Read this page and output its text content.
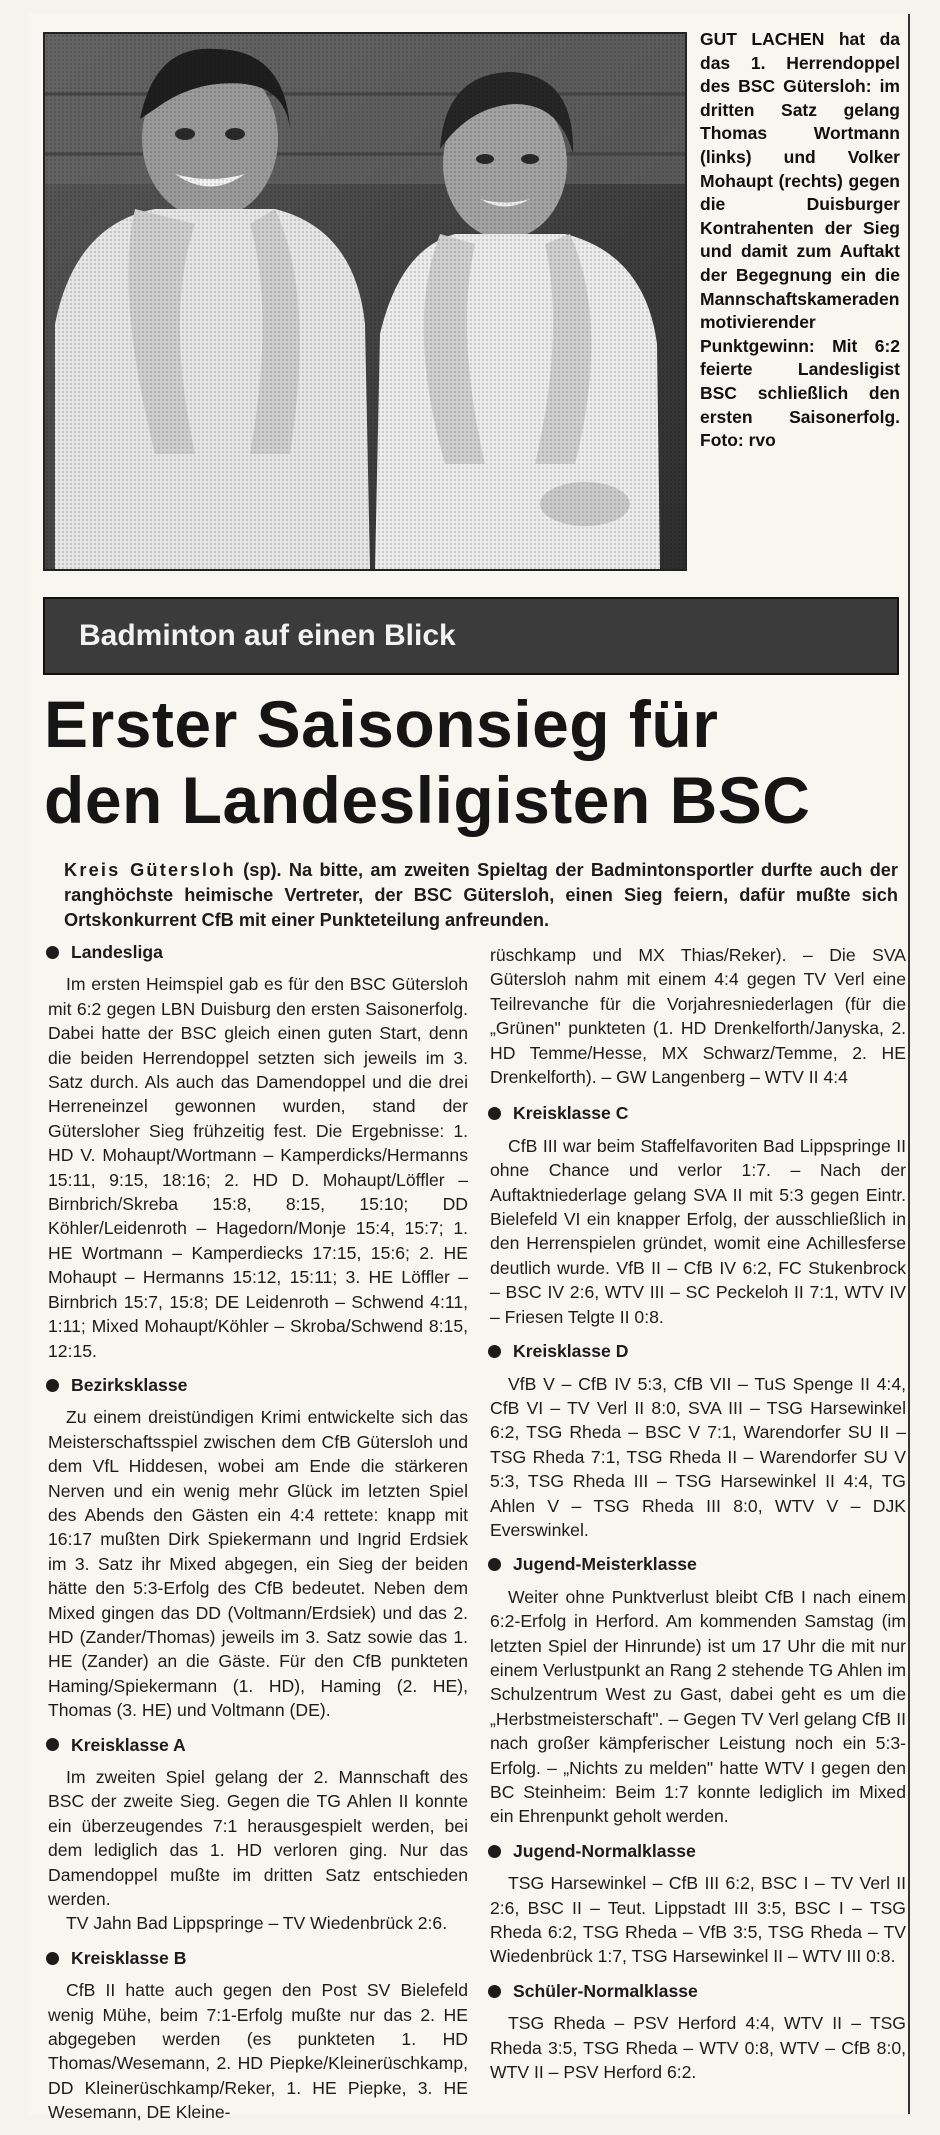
GUT LACHEN hat da das 1. Herrendoppel des BSC Gütersloh: im dritten Satz gelang Thomas Wortmann (links) und Volker Mohaupt (rechts) gegen die Duisburger Kontrahenten der Sieg und damit zum Auftakt der Begegnung ein die Mannschaftskameraden motivierender Punktgewinn: Mit 6:2 feierte Landesligist BSC schließlich den ersten Saisonerfolg. Foto: rvo
Badminton auf einen Blick
Erster Saisonsieg für
den Landesligisten BSC
Kreis Gütersloh (sp). Na bitte, am zweiten Spieltag der Badmintonsportler durfte auch der ranghöchste heimische Vertreter, der BSC Gütersloh, einen Sieg feiern, dafür mußte sich Ortskonkurrent CfB mit einer Punkteteilung anfreunden.
Landesliga

Im ersten Heimspiel gab es für den BSC Gütersloh mit 6:2 gegen LBN Duisburg den ersten Saisonerfolg. Dabei hatte der BSC gleich einen guten Start, denn die beiden Herrendoppel setzten sich jeweils im 3. Satz durch. Als auch das Damendoppel und die drei Herreneinzel gewonnen wurden, stand der Gütersloher Sieg frühzeitig fest. Die Ergebnisse: 1. HD V. Mohaupt/Wortmann – Kamperdicks/Hermanns 15:11, 9:15, 18:16; 2. HD D. Mohaupt/Löffler – Birnbrich/Skreba 15:8, 8:15, 15:10; DD Köhler/Leidenroth – Hagedorn/Monje 15:4, 15:7; 1. HE Wortmann – Kamperdiecks 17:15, 15:6; 2. HE Mohaupt – Hermanns 15:12, 15:11; 3. HE Löffler – Birnbrich 15:7, 15:8; DE Leidenroth – Schwend 4:11, 1:11; Mixed Mohaupt/Köhler – Skroba/Schwend 8:15, 12:15.

Bezirksklasse

Zu einem dreistündigen Krimi entwickelte sich das Meisterschaftsspiel zwischen dem CfB Gütersloh und dem VfL Hiddesen, wobei am Ende die stärkeren Nerven und ein wenig mehr Glück im letzten Spiel des Abends den Gästen ein 4:4 rettete: knapp mit 16:17 mußten Dirk Spiekermann und Ingrid Erdsiek im 3. Satz ihr Mixed abgegen, ein Sieg der beiden hätte den 5:3-Erfolg des CfB bedeutet. Neben dem Mixed gingen das DD (Voltmann/Erdsiek) und das 2. HD (Zander/Thomas) jeweils im 3. Satz sowie das 1. HE (Zander) an die Gäste. Für den CfB punkteten Haming/Spiekermann (1. HD), Haming (2. HE), Thomas (3. HE) und Voltmann (DE).

Kreisklasse A

Im zweiten Spiel gelang der 2. Mannschaft des BSC der zweite Sieg. Gegen die TG Ahlen II konnte ein überzeugendes 7:1 herausgespielt werden, bei dem lediglich das 1. HD verloren ging. Nur das Damendoppel mußte im dritten Satz entschieden werden.

TV Jahn Bad Lippspringe – TV Wiedenbrück 2:6.

Kreisklasse B

CfB II hatte auch gegen den Post SV Bielefeld wenig Mühe, beim 7:1-Erfolg mußte nur das 2. HE abgegeben werden (es punkteten 1. HD Thomas/Wesemann, 2. HD Piepke/Kleinerüschkamp, DD Kleinerüschkamp/Reker, 1. HE Piepke, 3. HE Wesemann, DE Kleine-

rüschkamp und MX Thias/Reker). – Die SVA Gütersloh nahm mit einem 4:4 gegen TV Verl eine Teilrevanche für die Vorjahresniederlagen (für die „Grünen" punkteten (1. HD Drenkelforth/Janyska, 2. HD Temme/Hesse, MX Schwarz/Temme, 2. HE Drenkelforth). – GW Langenberg – WTV II 4:4

Kreisklasse C

CfB III war beim Staffelfavoriten Bad Lippspringe II ohne Chance und verlor 1:7. – Nach der Auftaktniederlage gelang SVA II mit 5:3 gegen Eintr. Bielefeld VI ein knapper Erfolg, der ausschließlich in den Herrenspielen gründet, womit eine Achillesferse deutlich wurde. VfB II – CfB IV 6:2, FC Stukenbrock – BSC IV 2:6, WTV III – SC Peckeloh II 7:1, WTV IV – Friesen Telgte II 0:8.

Kreisklasse D

VfB V – CfB IV 5:3, CfB VII – TuS Spenge II 4:4, CfB VI – TV Verl II 8:0, SVA III – TSG Harsewinkel 6:2, TSG Rheda – BSC V 7:1, Warendorfer SU II – TSG Rheda 7:1, TSG Rheda II – Warendorfer SU V 5:3, TSG Rheda III – TSG Harsewinkel II 4:4, TG Ahlen V – TSG Rheda III 8:0, WTV V – DJK Everswinkel.

Jugend-Meisterklasse

Weiter ohne Punktverlust bleibt CfB I nach einem 6:2-Erfolg in Herford. Am kommenden Samstag (im letzten Spiel der Hinrunde) ist um 17 Uhr die mit nur einem Verlustpunkt an Rang 2 stehende TG Ahlen im Schulzentrum West zu Gast, dabei geht es um die „Herbstmeisterschaft". – Gegen TV Verl gelang CfB II nach großer kämpferischer Leistung noch ein 5:3-Erfolg. – „Nichts zu melden" hatte WTV I gegen den BC Steinheim: Beim 1:7 konnte lediglich im Mixed ein Ehrenpunkt geholt werden.

Jugend-Normalklasse

TSG Harsewinkel – CfB III 6:2, BSC I – TV Verl II 2:6, BSC II – Teut. Lippstadt III 3:5, BSC I – TSG Rheda 6:2, TSG Rheda – VfB 3:5, TSG Rheda – TV Wiedenbrück 1:7, TSG Harsewinkel II – WTV III 0:8.

Schüler-Normalklasse

TSG Rheda – PSV Herford 4:4, WTV II – TSG Rheda 3:5, TSG Rheda – WTV 0:8, WTV – CfB 8:0, WTV II – PSV Herford 6:2.
